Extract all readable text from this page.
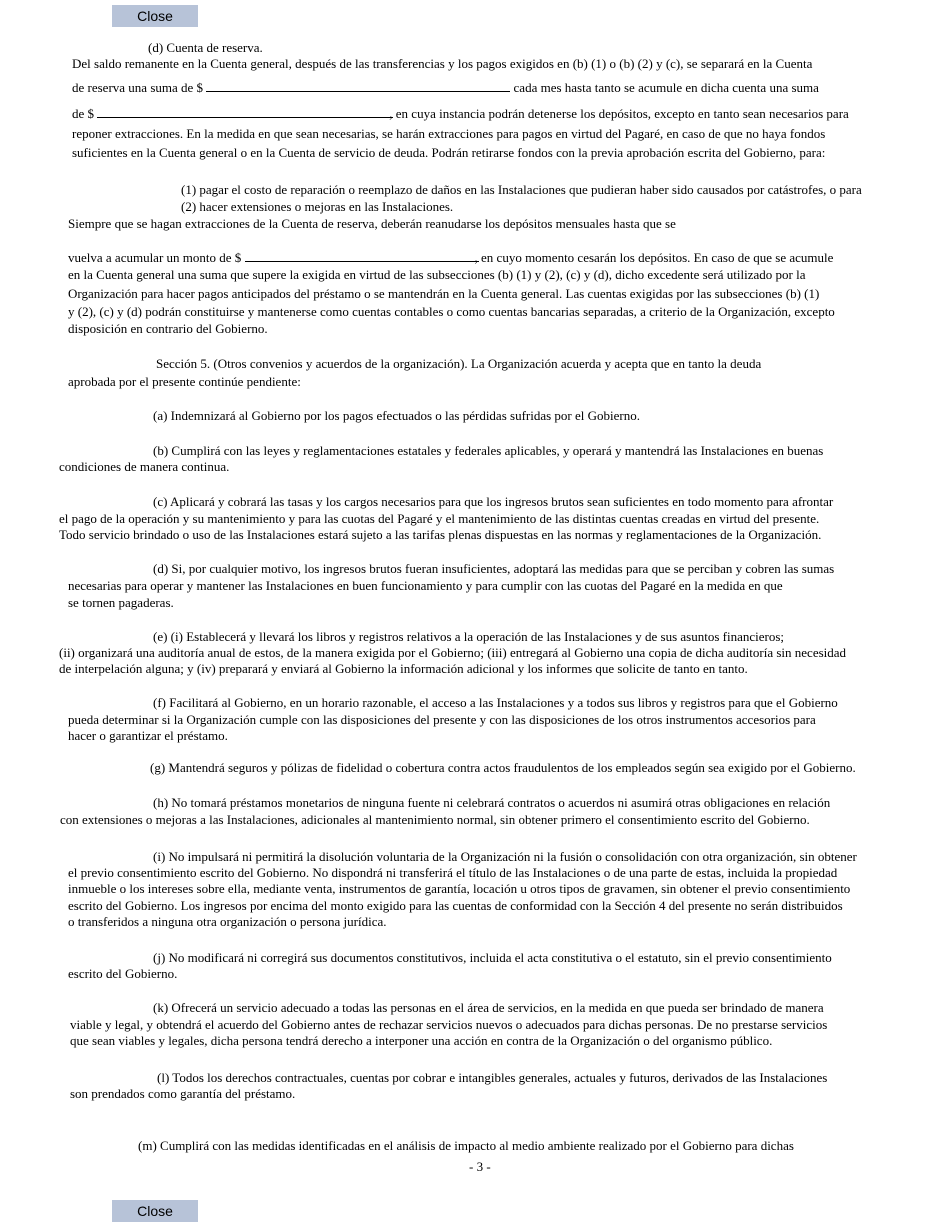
Close
(d) Cuenta de reserva.
Del saldo remanente en la Cuenta general, después de las transferencias y los pagos exigidos en (b) (1) o (b) (2) y (c), se separará en la Cuenta
de reserva una suma de $	cada mes hasta tanto se acumule en dicha cuenta una suma
de $	, en cuya instancia podrán detenerse los depósitos, excepto en tanto sean necesarios para
reponer extracciones. En la medida en que sean necesarias, se harán extracciones para pagos en virtud del Pagaré, en caso de que no haya fondos
suficientes en la Cuenta general o en la Cuenta de servicio de deuda. Podrán retirarse fondos con la previa aprobación escrita del Gobierno, para:
(1) pagar el costo de reparación o reemplazo de daños en las Instalaciones que pudieran haber sido causados por catástrofes, o para
(2) hacer extensiones o mejoras en las Instalaciones.
Siempre que se hagan extracciones de la Cuenta de reserva, deberán reanudarse los depósitos mensuales hasta que se
vuelva a acumular un monto de $	, en cuyo momento cesarán los depósitos. En caso de que se acumule
en la Cuenta general una suma que supere la exigida en virtud de las subsecciones (b) (1) y (2), (c) y (d), dicho excedente será utilizado por la
Organización para hacer pagos anticipados del préstamo o se mantendrán en la Cuenta general. Las cuentas exigidas por las subsecciones (b) (1)
y (2), (c) y (d) podrán constituirse y mantenerse como cuentas contables o como cuentas bancarias separadas, a criterio de la Organización, excepto
disposición en contrario del Gobierno.
Sección 5. (Otros convenios y acuerdos de la organización). La Organización acuerda y acepta que en tanto la deuda
aprobada por el presente continúe pendiente:
(a) Indemnizará al Gobierno por los pagos efectuados o las pérdidas sufridas por el Gobierno.
(b) Cumplirá con las leyes y reglamentaciones estatales y federales aplicables, y operará y mantendrá las Instalaciones en buenas
condiciones de manera continua.
(c) Aplicará y cobrará las tasas y los cargos necesarios para que los ingresos brutos sean suficientes en todo momento para afrontar
el pago de la operación y su mantenimiento y para las cuotas del Pagaré y el mantenimiento de las distintas cuentas creadas en virtud del presente.
Todo servicio brindado o uso de las Instalaciones estará sujeto a las tarifas plenas dispuestas en las normas y reglamentaciones de la Organización.
(d) Si, por cualquier motivo, los ingresos brutos fueran insuficientes, adoptará las medidas para que se perciban y cobren las sumas
necesarias para operar y mantener las Instalaciones en buen funcionamiento y para cumplir con las cuotas del Pagaré en la medida en que
se tornen pagaderas.
(e) (i) Establecerá y llevará los libros y registros relativos a la operación de las Instalaciones y de sus asuntos financieros;
(ii) organizará una auditoría anual de estos, de la manera exigida por el Gobierno; (iii) entregará al Gobierno una copia de dicha auditoría sin necesidad
de interpelación alguna; y (iv) preparará y enviará al Gobierno la información adicional y los informes que solicite de tanto en tanto.
(f) Facilitará al Gobierno, en un horario razonable, el acceso a las Instalaciones y a todos sus libros y registros para que el Gobierno
pueda determinar si la Organización cumple con las disposiciones del presente y con las disposiciones de los otros instrumentos accesorios para
hacer o garantizar el préstamo.
(g) Mantendrá seguros y pólizas de fidelidad o cobertura contra actos fraudulentos de los empleados según sea exigido por el Gobierno.
(h) No tomará préstamos monetarios de ninguna fuente ni celebrará contratos o acuerdos ni asumirá otras obligaciones en relación
con extensiones o mejoras a las Instalaciones, adicionales al mantenimiento normal, sin obtener primero el consentimiento escrito del Gobierno.
(i) No impulsará ni permitirá la disolución voluntaria de la Organización ni la fusión o consolidación con otra organización, sin obtener
el previo consentimiento escrito del Gobierno. No dispondrá ni transferirá el título de las Instalaciones o de una parte de estas, incluida la propiedad
inmueble o los intereses sobre ella, mediante venta, instrumentos de garantía, locación u otros tipos de gravamen, sin obtener el previo consentimiento
escrito del Gobierno. Los ingresos por encima del monto exigido para las cuentas de conformidad con la Sección 4 del presente no serán distribuidos
o transferidos a ninguna otra organización o persona jurídica.
(j) No modificará ni corregirá sus documentos constitutivos, incluida el acta constitutiva o el estatuto, sin el previo consentimiento
escrito del Gobierno.
(k) Ofrecerá un servicio adecuado a todas las personas en el área de servicios, en la medida en que pueda ser brindado de manera
viable y legal, y obtendrá el acuerdo del Gobierno antes de rechazar servicios nuevos o adecuados para dichas personas. De no prestarse servicios
que sean viables y legales, dicha persona tendrá derecho a interponer una acción en contra de la Organización o del organismo público.
(l) Todos los derechos contractuales, cuentas por cobrar e intangibles generales, actuales y futuros, derivados de las Instalaciones
son prendados como garantía del préstamo.
(m) Cumplirá con las medidas identificadas en el análisis de impacto al medio ambiente realizado por el Gobierno para dichas
- 3 -
Close
